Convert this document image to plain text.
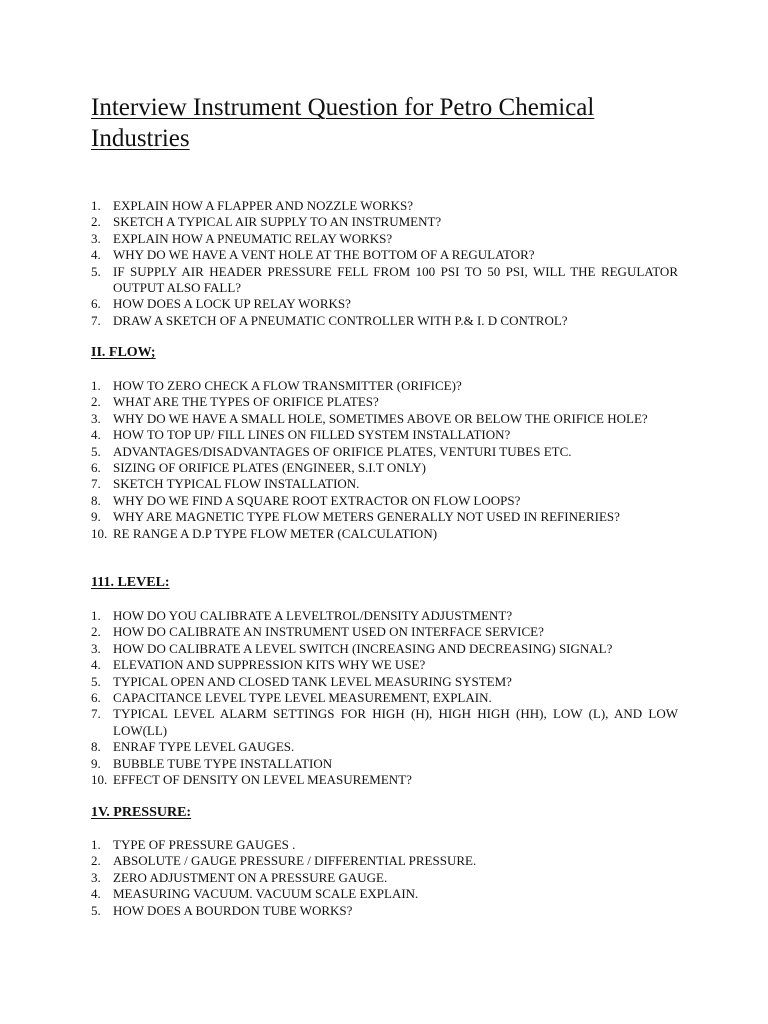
Interview Instrument Question for Petro Chemical Industries
1. EXPLAIN HOW A FLAPPER AND NOZZLE WORKS?
2. SKETCH A TYPICAL AIR SUPPLY TO AN INSTRUMENT?
3. EXPLAIN HOW A PNEUMATIC RELAY WORKS?
4. WHY DO WE HAVE A VENT HOLE AT THE BOTTOM OF A REGULATOR?
5. IF SUPPLY AIR HEADER PRESSURE FELL FROM 100 PSI TO 50 PSI, WILL THE REGULATOR OUTPUT ALSO FALL?
6. HOW DOES A LOCK UP RELAY WORKS?
7. DRAW A SKETCH OF A PNEUMATIC CONTROLLER WITH P.& I. D CONTROL?
II. FLOW;
1. HOW TO ZERO CHECK A FLOW TRANSMITTER (ORIFICE)?
2. WHAT ARE THE TYPES OF ORIFICE PLATES?
3. WHY DO WE HAVE A SMALL HOLE, SOMETIMES ABOVE OR BELOW THE ORIFICE HOLE?
4. HOW TO TOP UP/ FILL LINES ON FILLED SYSTEM INSTALLATION?
5. ADVANTAGES/DISADVANTAGES OF ORIFICE PLATES, VENTURI TUBES ETC.
6. SIZING OF ORIFICE PLATES (ENGINEER, S.I.T ONLY)
7. SKETCH TYPICAL FLOW INSTALLATION.
8. WHY DO WE FIND A SQUARE ROOT EXTRACTOR ON FLOW LOOPS?
9. WHY ARE MAGNETIC TYPE FLOW METERS GENERALLY NOT USED IN REFINERIES?
10. RE RANGE A D.P TYPE FLOW METER (CALCULATION)
111. LEVEL:
1. HOW DO YOU CALIBRATE A LEVELTROL/DENSITY ADJUSTMENT?
2. HOW DO CALIBRATE AN INSTRUMENT USED ON INTERFACE SERVICE?
3. HOW DO CALIBRATE A LEVEL SWITCH (INCREASING AND DECREASING) SIGNAL?
4. ELEVATION AND SUPPRESSION KITS WHY WE USE?
5. TYPICAL OPEN AND CLOSED TANK LEVEL MEASURING SYSTEM?
6. CAPACITANCE LEVEL TYPE LEVEL MEASUREMENT, EXPLAIN.
7. TYPICAL LEVEL ALARM SETTINGS FOR HIGH (H), HIGH HIGH (HH), LOW (L), AND LOW LOW(LL)
8. ENRAF TYPE LEVEL GAUGES.
9. BUBBLE TUBE TYPE INSTALLATION
10. EFFECT OF DENSITY ON LEVEL MEASUREMENT?
1V. PRESSURE:
1. TYPE OF PRESSURE GAUGES .
2. ABSOLUTE / GAUGE PRESSURE / DIFFERENTIAL PRESSURE.
3. ZERO ADJUSTMENT ON A PRESSURE GAUGE.
4. MEASURING VACUUM. VACUUM SCALE EXPLAIN.
5. HOW DOES A BOURDON TUBE WORKS?
